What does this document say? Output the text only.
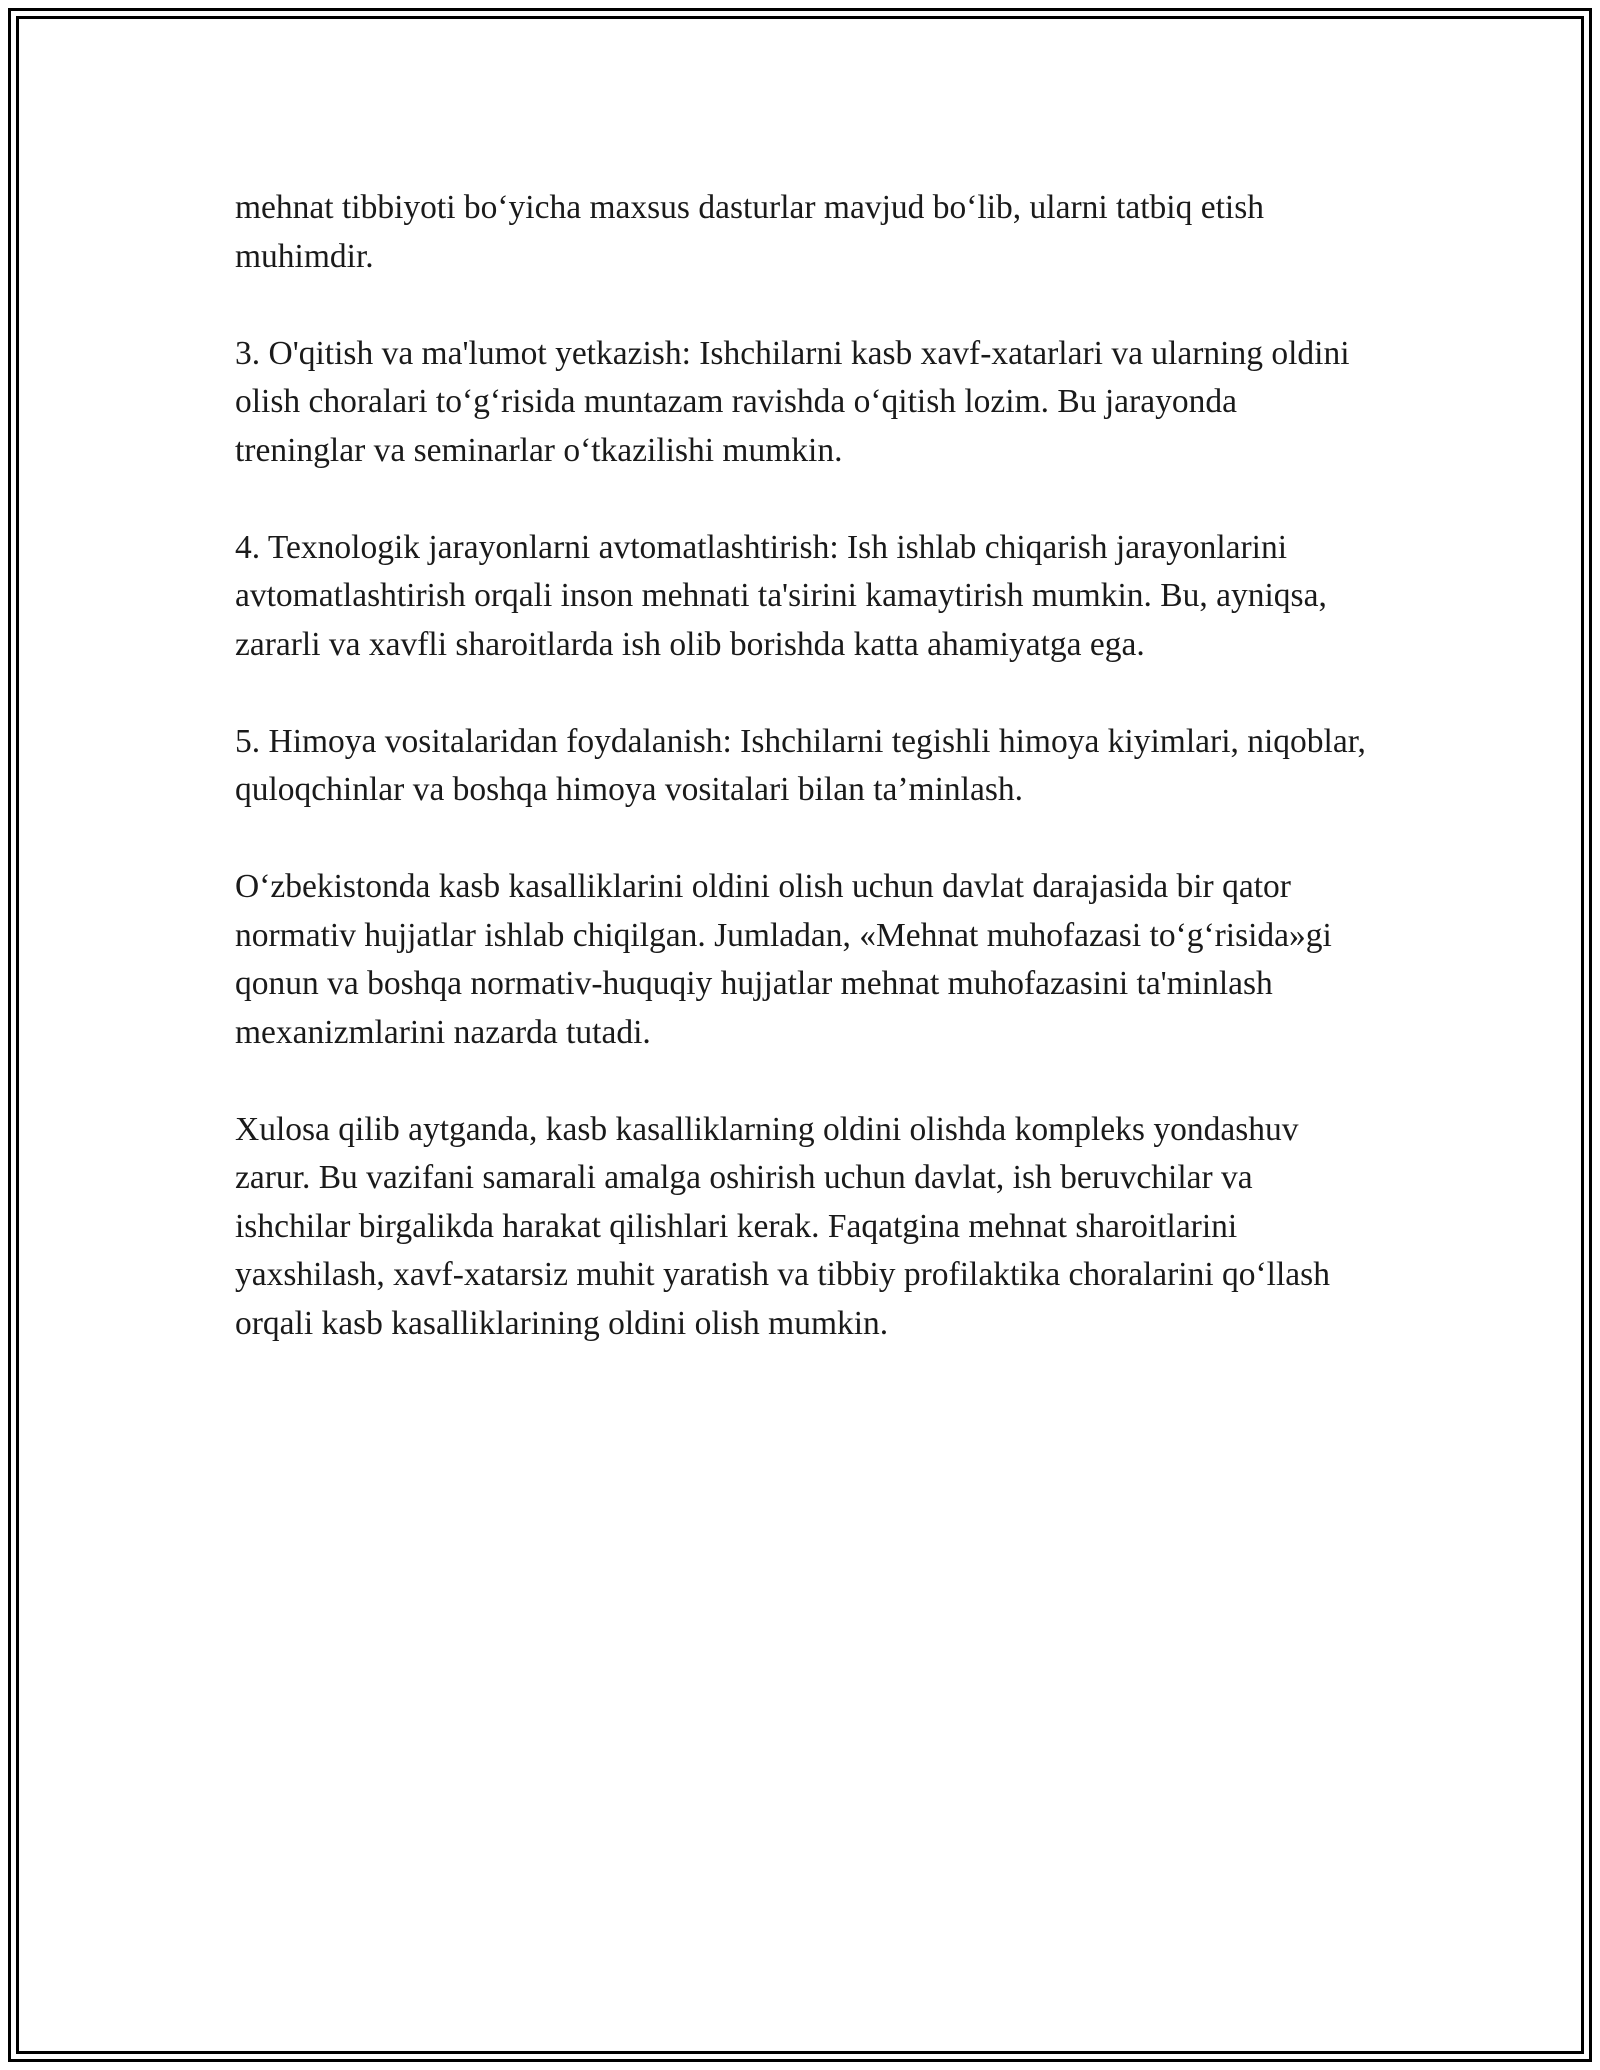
mehnat tibbiyoti bo‘yicha maxsus dasturlar mavjud bo‘lib, ularni tatbiq etish muhimdir.

3. O'qitish va ma'lumot yetkazish: Ishchilarni kasb xavf-xatarlari va ularning oldini olish choralari to‘g‘risida muntazam ravishda o‘qitish lozim. Bu jarayonda treninglar va seminarlar o‘tkazilishi mumkin.

4. Texnologik jarayonlarni avtomatlashtirish: Ish ishlab chiqarish jarayonlarini avtomatlashtirish orqali inson mehnati ta'sirini kamaytirish mumkin. Bu, ayniqsa, zararli va xavfli sharoitlarda ish olib borishda katta ahamiyatga ega.

5. Himoya vositalaridan foydalanish: Ishchilarni tegishli himoya kiyimlari, niqoblar, quloqchinlar va boshqa himoya vositalari bilan ta’minlash.

O‘zbekistonda kasb kasalliklarini oldini olish uchun davlat darajasida bir qator normativ hujjatlar ishlab chiqilgan. Jumladan, «Mehnat muhofazasi to‘g‘risida»gi qonun va boshqa normativ-huquqiy hujjatlar mehnat muhofazasini ta'minlash mexanizmlarini nazarda tutadi.

Xulosa qilib aytganda, kasb kasalliklarning oldini olishda kompleks yondashuv zarur. Bu vazifani samarali amalga oshirish uchun davlat, ish beruvchilar va ishchilar birgalikda harakat qilishlari kerak. Faqatgina mehnat sharoitlarini yaxshilash, xavf-xatarsiz muhit yaratish va tibbiy profilaktika choralarini qo‘llash orqali kasb kasalliklarining oldini olish mumkin.
